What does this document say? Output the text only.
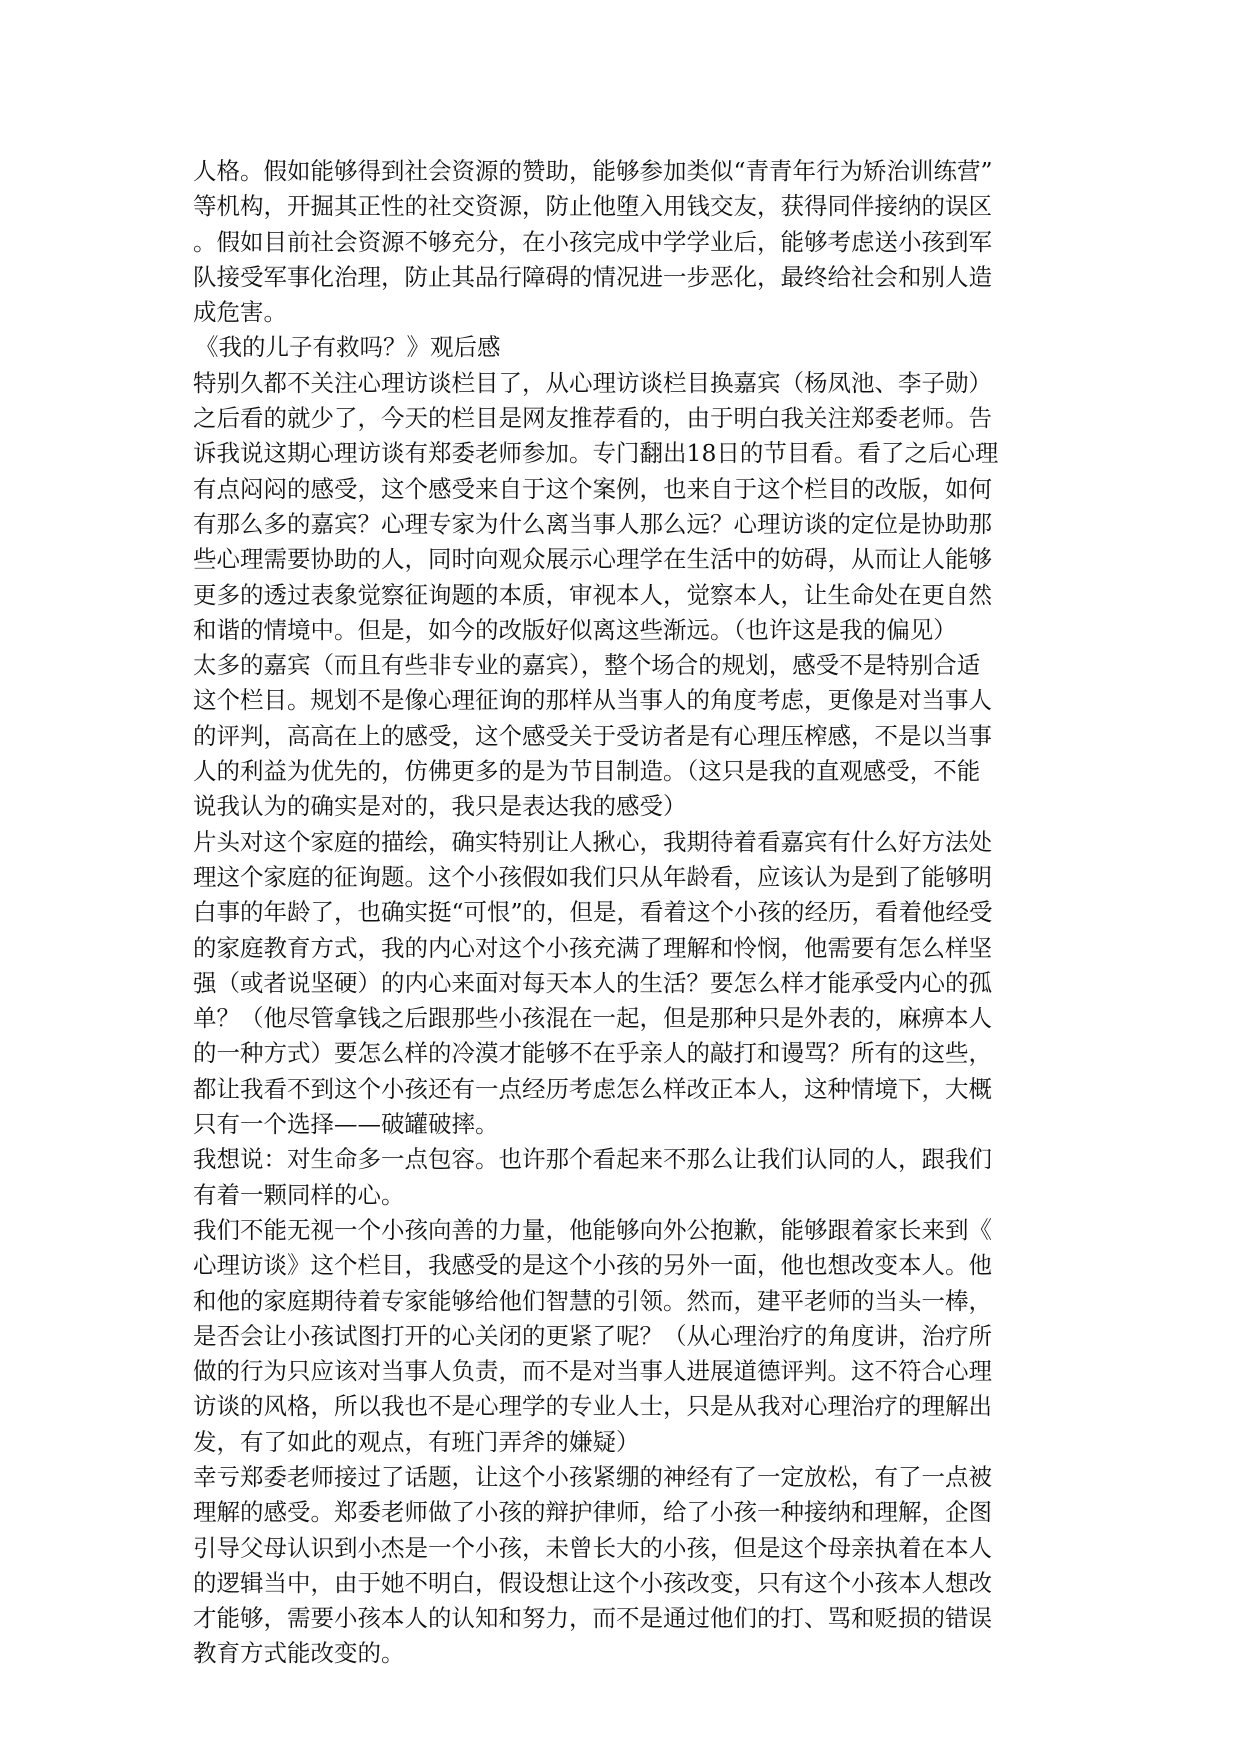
人格。假如能够得到社会资源的赞助，能够参加类似“青青年行为矫治训练营”
等机构，开掘其正性的社交资源，防止他堕入用钱交友，获得同伴接纳的误区
。假如目前社会资源不够充分，在小孩完成中学学业后，能够考虑送小孩到军
队接受军事化治理，防止其品行障碍的情况进一步恶化，最终给社会和别人造
成危害。
《我的儿子有救吗？》观后感
特别久都不关注心理访谈栏目了，从心理访谈栏目换嘉宾（杨凤池、李子勋）
之后看的就少了，今天的栏目是网友推荐看的，由于明白我关注郑委老师。告
诉我说这期心理访谈有郑委老师参加。专门翻出18日的节目看。看了之后心理
有点闷闷的感受，这个感受来自于这个案例，也来自于这个栏目的改版，如何
有那么多的嘉宾？心理专家为什么离当事人那么远？心理访谈的定位是协助那
些心理需要协助的人，同时向观众展示心理学在生活中的妨碍，从而让人能够
更多的透过表象觉察征询题的本质，审视本人，觉察本人，让生命处在更自然
和谐的情境中。但是，如今的改版好似离这些渐远。（也许这是我的偏见）
太多的嘉宾（而且有些非专业的嘉宾），整个场合的规划，感受不是特别合适
这个栏目。规划不是像心理征询的那样从当事人的角度考虑，更像是对当事人
的评判，高高在上的感受，这个感受关于受访者是有心理压榨感，不是以当事
人的利益为优先的，仿佛更多的是为节目制造。（这只是我的直观感受，不能
说我认为的确实是对的，我只是表达我的感受）
片头对这个家庭的描绘，确实特别让人揪心，我期待着看嘉宾有什么好方法处
理这个家庭的征询题。这个小孩假如我们只从年龄看，应该认为是到了能够明
白事的年龄了，也确实挺“可恨”的，但是，看着这个小孩的经历，看着他经受
的家庭教育方式，我的内心对这个小孩充满了理解和怜悯，他需要有怎么样坚
强（或者说坚硬）的内心来面对每天本人的生活？要怎么样才能承受内心的孤
单？（他尽管拿钱之后跟那些小孩混在一起，但是那种只是外表的，麻痹本人
的一种方式）要怎么样的冷漠才能够不在乎亲人的敲打和谩骂？所有的这些，
都让我看不到这个小孩还有一点经历考虑怎么样改正本人，这种情境下，大概
只有一个选择——破罐破摔。
我想说：对生命多一点包容。也许那个看起来不那么让我们认同的人，跟我们
有着一颗同样的心。
我们不能无视一个小孩向善的力量，他能够向外公抱歉，能够跟着家长来到《
心理访谈》这个栏目，我感受的是这个小孩的另外一面，他也想改变本人。他
和他的家庭期待着专家能够给他们智慧的引领。然而，建平老师的当头一棒，
是否会让小孩试图打开的心关闭的更紧了呢？（从心理治疗的角度讲，治疗所
做的行为只应该对当事人负责，而不是对当事人进展道德评判。这不符合心理
访谈的风格，所以我也不是心理学的专业人士，只是从我对心理治疗的理解出
发，有了如此的观点，有班门弄斧的嫌疑）
幸亏郑委老师接过了话题，让这个小孩紧绷的神经有了一定放松，有了一点被
理解的感受。郑委老师做了小孩的辩护律师，给了小孩一种接纳和理解，企图
引导父母认识到小杰是一个小孩，未曾长大的小孩，但是这个母亲执着在本人
的逻辑当中，由于她不明白，假设想让这个小孩改变，只有这个小孩本人想改
才能够，需要小孩本人的认知和努力，而不是通过他们的打、骂和贬损的错误
教育方式能改变的。
